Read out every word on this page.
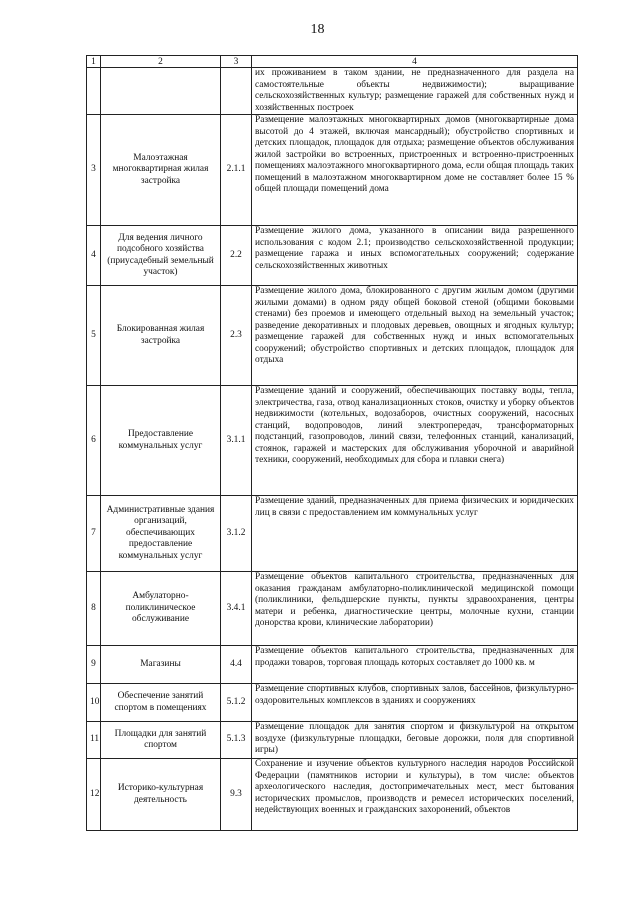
18
1	2	3	4
			их проживанием в таком здании, не предназначенного для раздела на самостоятельные объекты недвижимости); выращивание сельскохозяйственных культур; размещение гаражей для собственных нужд и хозяйственных построек
3	Малоэтажная многоквартирная жилая застройка	2.1.1	Размещение малоэтажных многоквартирных домов (многоквартирные дома высотой до 4 этажей, включая мансардный); обустройство спортивных и детских площадок, площадок для отдыха; размещение объектов обслуживания жилой застройки во встроенных, пристроенных и встроенно-пристроенных помещениях малоэтажного многоквартирного дома, если общая площадь таких помещений в малоэтажном многоквартирном доме не составляет более 15 % общей площади помещений дома
4	Для ведения личного подсобного хозяйства (приусадебный земельный участок)	2.2	Размещение жилого дома, указанного в описании вида разрешенного использования с кодом 2.1; производство сельскохозяйственной продукции; размещение гаража и иных вспомогательных сооружений; содержание сельскохозяйственных животных
5	Блокированная жилая застройка	2.3	Размещение жилого дома, блокированного с другим жилым домом (другими жилыми домами) в одном ряду общей боковой стеной (общими боковыми стенами) без проемов и имеющего отдельный выход на земельный участок; разведение декоративных и плодовых деревьев, овощных и ягодных культур; размещение гаражей для собственных нужд и иных вспомогательных сооружений; обустройство спортивных и детских площадок, площадок для отдыха
6	Предоставление коммунальных услуг	3.1.1	Размещение зданий и сооружений, обеспечивающих поставку воды, тепла, электричества, газа, отвод канализационных стоков, очистку и уборку объектов недвижимости (котельных, водозаборов, очистных сооружений, насосных станций, водопроводов, линий электропередач, трансформаторных подстанций, газопроводов, линий связи, телефонных станций, канализаций, стоянок, гаражей и мастерских для обслуживания уборочной и аварийной техники, сооружений, необходимых для сбора и плавки снега)
7	Административные здания организаций, обеспечивающих предоставление коммунальных услуг	3.1.2	Размещение зданий, предназначенных для приема физических и юридических лиц в связи с предоставлением им коммунальных услуг
8	Амбулаторно-поликлиническое обслуживание	3.4.1	Размещение объектов капитального строительства, предназначенных для оказания гражданам амбулаторно-поликлинической медицинской помощи (поликлиники, фельдшерские пункты, пункты здравоохранения, центры матери и ребенка, диагностические центры, молочные кухни, станции донорства крови, клинические лаборатории)
9	Магазины	4.4	Размещение объектов капитального строительства, предназначенных для продажи товаров, торговая площадь которых составляет до 1000 кв. м
10	Обеспечение занятий спортом в помещениях	5.1.2	Размещение спортивных клубов, спортивных залов, бассейнов, физкультурно-оздоровительных комплексов в зданиях и сооружениях
11	Площадки для занятий спортом	5.1.3	Размещение площадок для занятия спортом и физкультурой на открытом воздухе (физкультурные площадки, беговые дорожки, поля для спортивной игры)
12	Историко-культурная деятельность	9.3	Сохранение и изучение объектов культурного наследия народов Российской Федерации (памятников истории и культуры), в том числе: объектов археологического наследия, достопримечательных мест, мест бытования исторических промыслов, производств и ремесел исторических поселений, недействующих военных и гражданских захоронений, объектов
